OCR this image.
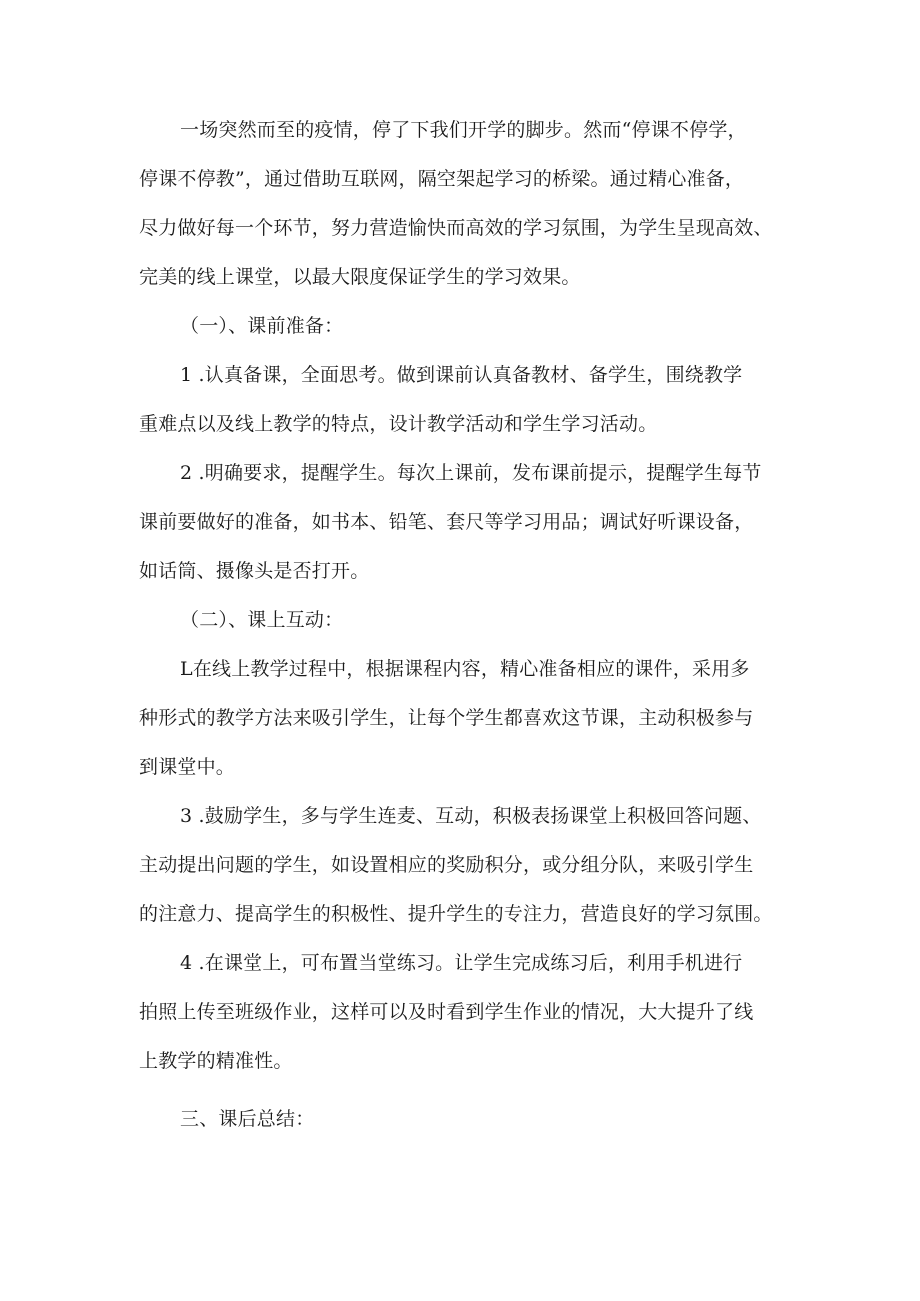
一场突然而至的疫情，停了下我们开学的脚步。然而“停课不停学，
停课不停教”，通过借助互联网，隔空架起学习的桥梁。通过精心准备，
尽力做好每一个环节，努力营造愉快而高效的学习氛围，为学生呈现高效、
完美的线上课堂，以最大限度保证学生的学习效果。
（一）、课前准备：
1 .认真备课，全面思考。做到课前认真备教材、备学生，围绕教学
重难点以及线上教学的特点，设计教学活动和学生学习活动。
2 .明确要求，提醒学生。每次上课前，发布课前提示，提醒学生每节
课前要做好的准备，如书本、铅笔、套尺等学习用品；调试好听课设备，
如话筒、摄像头是否打开。
（二）、课上互动：
L在线上教学过程中，根据课程内容，精心准备相应的课件，采用多
种形式的教学方法来吸引学生，让每个学生都喜欢这节课，主动积极参与
到课堂中。
3 .鼓励学生，多与学生连麦、互动，积极表扬课堂上积极回答问题、
主动提出问题的学生，如设置相应的奖励积分，或分组分队，来吸引学生
的注意力、提高学生的积极性、提升学生的专注力，营造良好的学习氛围。
4 .在课堂上，可布置当堂练习。让学生完成练习后，利用手机进行
拍照上传至班级作业，这样可以及时看到学生作业的情况，大大提升了线
上教学的精准性。
三、课后总结：
